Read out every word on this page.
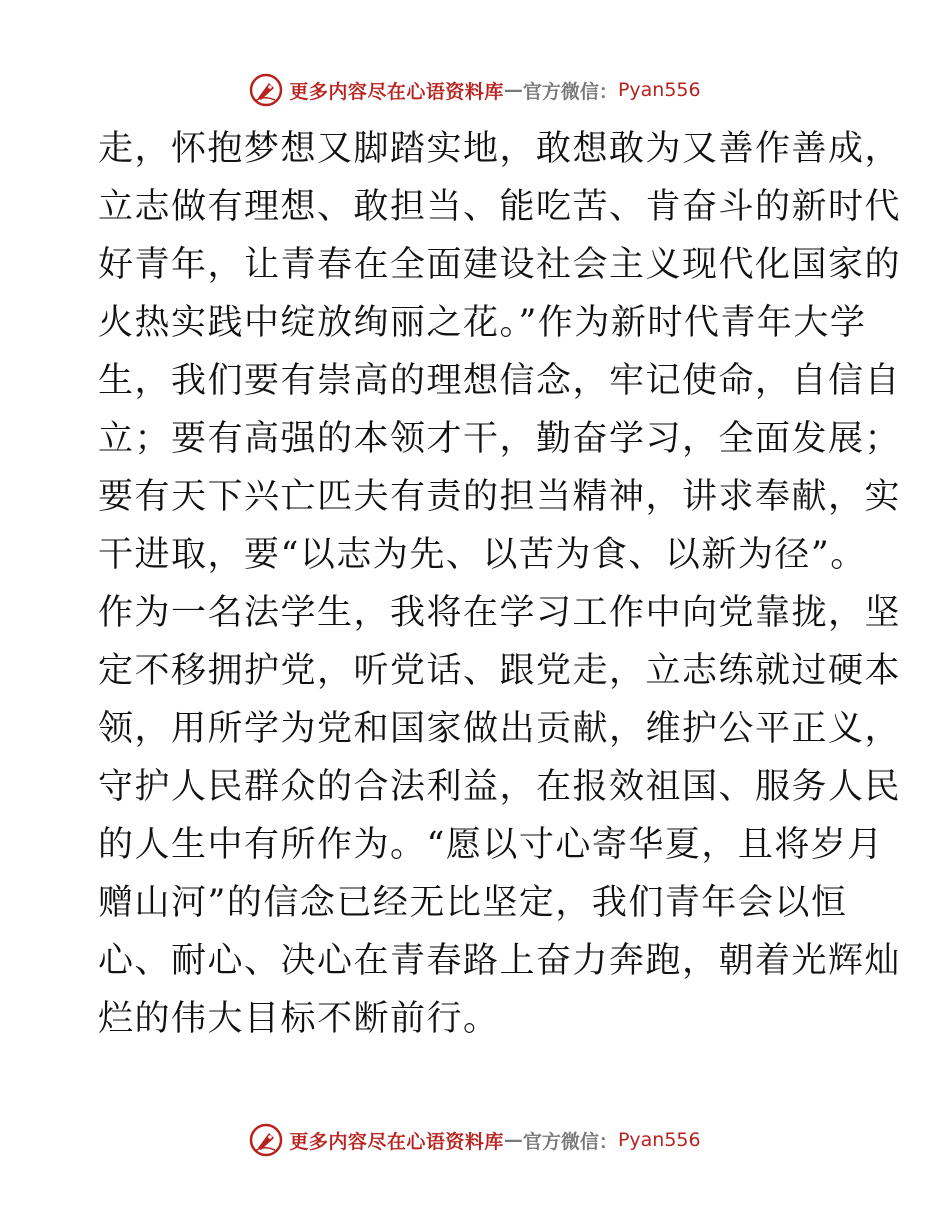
更多内容尽在心语资料库 — 官方微信： Pyan556

走，怀抱梦想又脚踏实地，敢想敢为又善作善成，

立志做有理想、敢担当、能吃苦、肯奋斗的新时代

好青年，让青春在全面建设社会主义现代化国家的

火热实践中绽放绚丽之花。”作为新时代青年大学

生，我们要有崇高的理想信念，牢记使命，自信自

立；要有高强的本领才干，勤奋学习，全面发展；

要有天下兴亡匹夫有责的担当精神，讲求奉献，实

干进取，要“以志为先、以苦为食、以新为径”。

作为一名法学生，我将在学习工作中向党靠拢，坚

定不移拥护党，听党话、跟党走，立志练就过硬本

领，用所学为党和国家做出贡献，维护公平正义，

守护人民群众的合法利益，在报效祖国、服务人民

的人生中有所作为。“愿以寸心寄华夏，且将岁月

赠山河”的信念已经无比坚定，我们青年会以恒

心、耐心、决心在青春路上奋力奔跑，朝着光辉灿

烂的伟大目标不断前行。

更多内容尽在心语资料库 — 官方微信： Pyan556
